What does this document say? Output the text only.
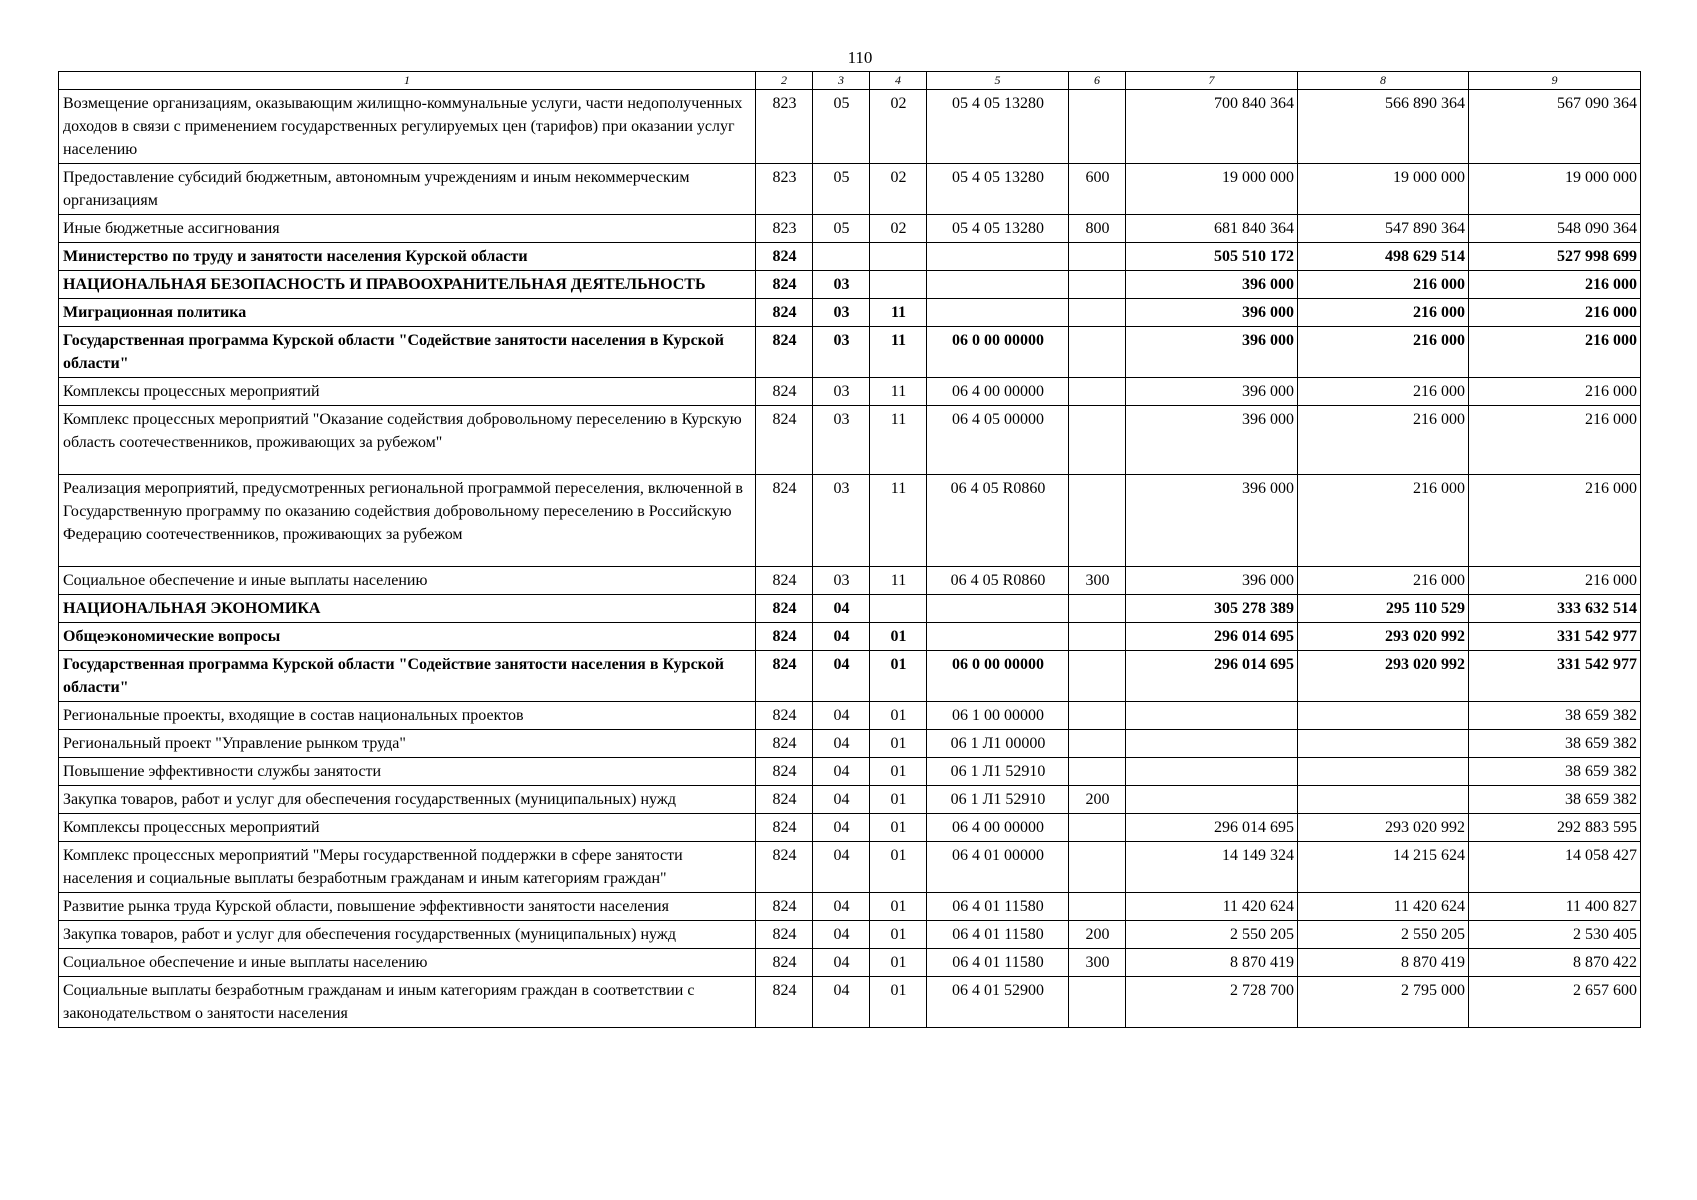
110
1	2	3	4	5	6	7	8	9
Возмещение организациям, оказывающим жилищно-коммунальные услуги, части недополученных доходов в связи с применением государственных регулируемых цен (тарифов) при оказании услуг населению	823	05	02	05 4 05 13280		700 840 364	566 890 364	567 090 364
Предоставление субсидий бюджетным, автономным учреждениям и иным некоммерческим организациям	823	05	02	05 4 05 13280	600	19 000 000	19 000 000	19 000 000
Иные бюджетные ассигнования	823	05	02	05 4 05 13280	800	681 840 364	547 890 364	548 090 364
Министерство по труду и занятости населения Курской области	824					505 510 172	498 629 514	527 998 699
НАЦИОНАЛЬНАЯ БЕЗОПАСНОСТЬ И ПРАВООХРАНИТЕЛЬНАЯ ДЕЯТЕЛЬНОСТЬ	824	03				396 000	216 000	216 000
Миграционная политика	824	03	11			396 000	216 000	216 000
Государственная программа Курской области "Содействие занятости населения в Курской области"	824	03	11	06 0 00 00000		396 000	216 000	216 000
Комплексы процессных мероприятий	824	03	11	06 4 00 00000		396 000	216 000	216 000
Комплекс процессных мероприятий "Оказание содействия добровольному переселению в Курскую область соотечественников, проживающих за рубежом"	824	03	11	06 4 05 00000		396 000	216 000	216 000
Реализация мероприятий, предусмотренных региональной программой переселения, включенной в Государственную программу по оказанию содействия добровольному переселению в Российскую Федерацию соотечественников, проживающих за рубежом	824	03	11	06 4 05 R0860		396 000	216 000	216 000
Социальное обеспечение и иные выплаты населению	824	03	11	06 4 05 R0860	300	396 000	216 000	216 000
НАЦИОНАЛЬНАЯ ЭКОНОМИКА	824	04				305 278 389	295 110 529	333 632 514
Общеэкономические вопросы	824	04	01			296 014 695	293 020 992	331 542 977
Государственная программа Курской области "Содействие занятости населения в Курской области"	824	04	01	06 0 00 00000		296 014 695	293 020 992	331 542 977
Региональные проекты, входящие в состав национальных проектов	824	04	01	06 1 00 00000				38 659 382
Региональный проект "Управление рынком труда"	824	04	01	06 1 Л1 00000				38 659 382
Повышение эффективности службы занятости	824	04	01	06 1 Л1 52910				38 659 382
Закупка товаров, работ и услуг для обеспечения государственных (муниципальных) нужд	824	04	01	06 1 Л1 52910	200			38 659 382
Комплексы процессных мероприятий	824	04	01	06 4 00 00000		296 014 695	293 020 992	292 883 595
Комплекс процессных мероприятий "Меры государственной поддержки в сфере занятости населения и социальные выплаты безработным гражданам и иным категориям граждан"	824	04	01	06 4 01 00000		14 149 324	14 215 624	14 058 427
Развитие рынка труда Курской области, повышение эффективности занятости населения	824	04	01	06 4 01 11580		11 420 624	11 420 624	11 400 827
Закупка товаров, работ и услуг для обеспечения государственных (муниципальных) нужд	824	04	01	06 4 01 11580	200	2 550 205	2 550 205	2 530 405
Социальное обеспечение и иные выплаты населению	824	04	01	06 4 01 11580	300	8 870 419	8 870 419	8 870 422
Социальные выплаты безработным гражданам и иным категориям граждан в соответствии с законодательством о занятости населения	824	04	01	06 4 01 52900		2 728 700	2 795 000	2 657 600
